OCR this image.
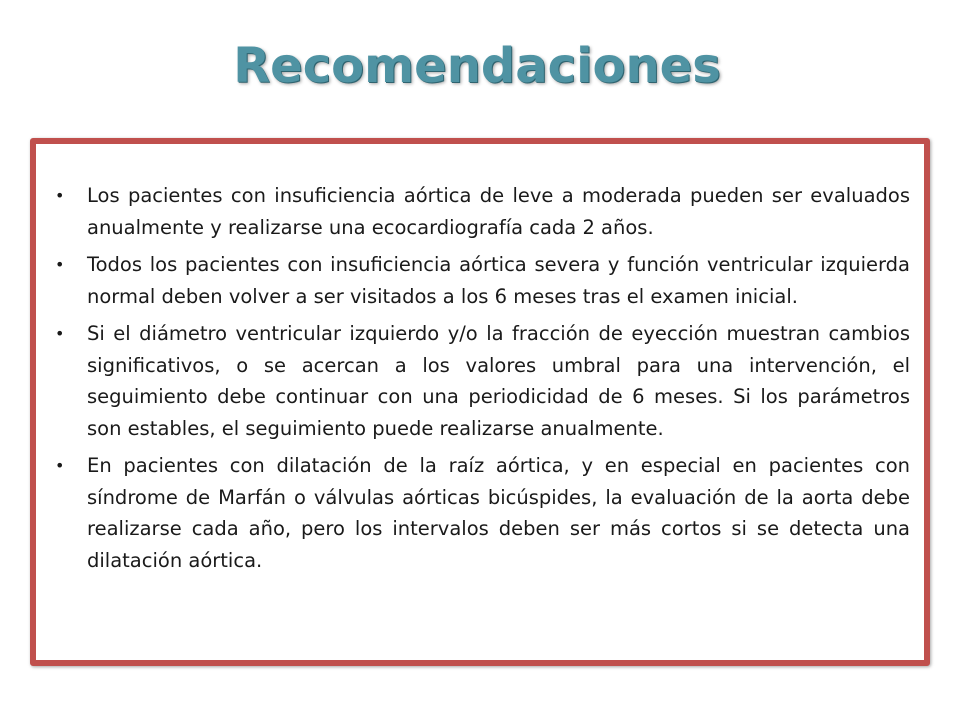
Recomendaciones
• Los pacientes con insuficiencia aórtica de leve a moderada pueden ser evaluados anualmente y realizarse una ecocardiografía cada 2 años.
• Todos los pacientes con insuficiencia aórtica severa y función ventricular izquierda normal deben volver a ser visitados a los 6 meses tras el examen inicial.
• Si el diámetro ventricular izquierdo y/o la fracción de eyección muestran cambios significativos, o se acercan a los valores umbral para una intervención, el seguimiento debe continuar con una periodicidad de 6 meses. Si los parámetros son estables, el seguimiento puede realizarse anualmente.
• En pacientes con dilatación de la raíz aórtica, y en especial en pacientes con síndrome de Marfán o válvulas aórticas bicúspides, la evaluación de la aorta debe realizarse cada año, pero los intervalos deben ser más cortos si se detecta una dilatación aórtica.
